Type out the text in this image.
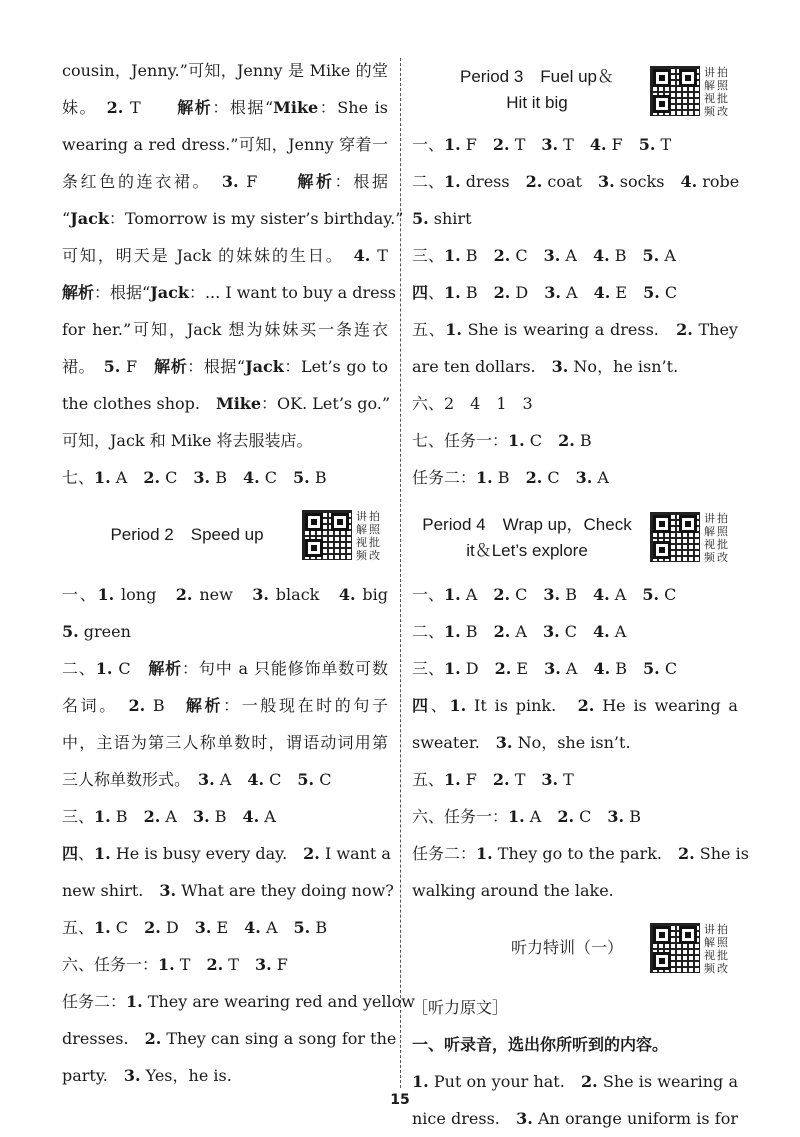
cousin，Jenny.”可知，Jenny 是 Mike 的堂
妹。　2. T　　解析：根据“Mike：She is
wearing a red dress.”可知，Jenny 穿着一
条红色的连衣裙。　3. F　　解析：根据
“Jack：Tomorrow is my sister’s birthday.”
可知，明天是 Jack 的妹妹的生日。　4. T
解析：根据“Jack：... I want to buy a dress
for her.”可知，Jack 想为妹妹买一条连衣
裙。　5. F　解析：根据“Jack：Let’s go to
the clothes shop.　Mike：OK. Let’s go.”
可知，Jack 和 Mike 将去服装店。
七、1. A　2. C　3. B　4. C　5. B
Period 2　Speed up
讲 拍解 照视 批频 改
一、1. long　2. new　3. black　4. big
5. green
二、1. C　解析：句中 a 只能修饰单数可数
名词。　2. B　解析：一般现在时的句子
中，主语为第三人称单数时，谓语动词用第
三人称单数形式。　3. A　4. C　5. C
三、1. B　2. A　3. B　4. A
四、1. He is busy every day.　2. I want a
new shirt.　3. What are they doing now?
五、1. C　2. D　3. E　4. A　5. B
六、任务一：1. T　2. T　3. F
任务二：1. They are wearing red and yellow
dresses.　2. They can sing a song for the
party.　3. Yes，he is.
Period 3　Fuel up＆
Hit it big
讲 拍解 照视 批频 改
一、1. F　2. T　3. T　4. F　5. T
二、1. dress　2. coat　3. socks　4. robe
5. shirt
三、1. B　2. C　3. A　4. B　5. A
四、1. B　2. D　3. A　4. E　5. C
五、1. She is wearing a dress.　2. They
are ten dollars.　3. No，he isn’t.
六、2　4　1　3
七、任务一：1. C　2. B
任务二：1. B　2. C　3. A
Period 4　Wrap up，Check
it＆Let’s explore
讲 拍解 照视 批频 改
一、1. A　2. C　3. B　4. A　5. C
二、1. B　2. A　3. C　4. A
三、1. D　2. E　3. A　4. B　5. C
四、1. It is pink.　2. He is wearing a
sweater.　3. No，she isn’t.
五、1. F　2. T　3. T
六、任务一：1. A　2. C　3. B
任务二：1. They go to the park.　2. She is
walking around the lake.
听力特训（一）
讲 拍解 照视 批频 改
［听力原文］
一、听录音，选出你所听到的内容。
1. Put on your hat.　2. She is wearing a
nice dress.　3. An orange uniform is for
15
